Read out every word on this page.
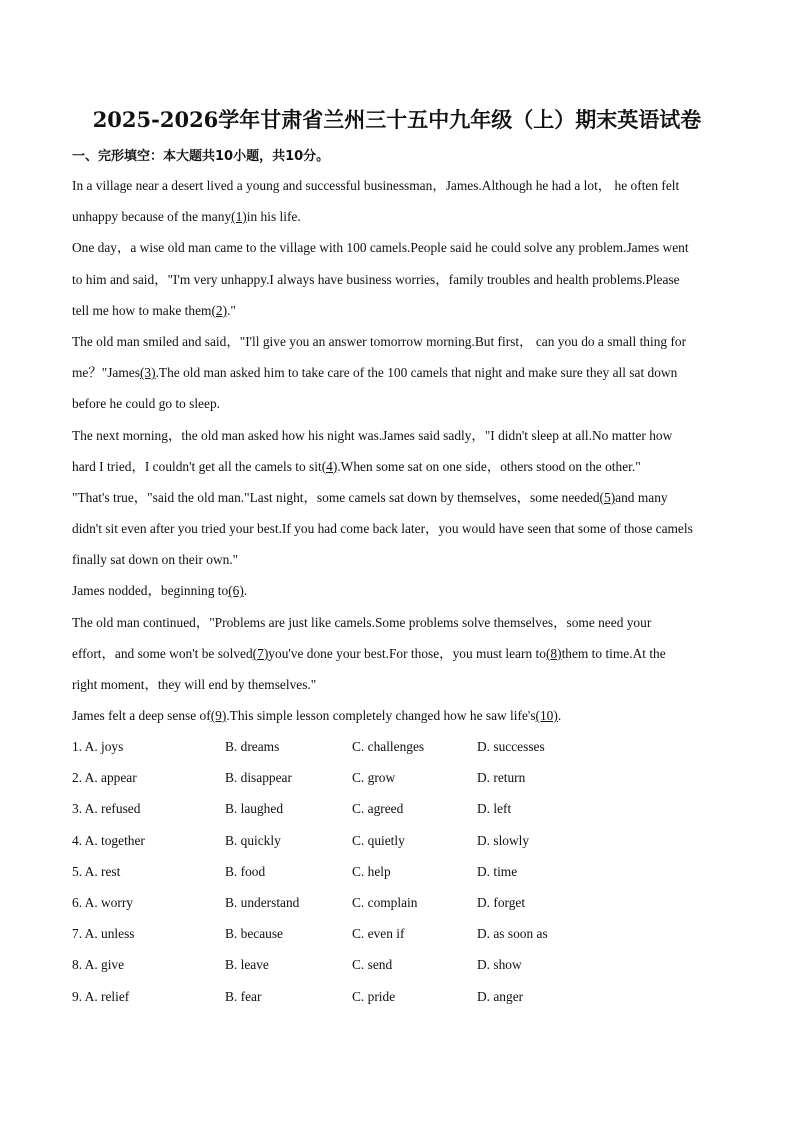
2025-2026学年甘肃省兰州三十五中九年级（上）期末英语试卷
一、完形填空：本大题共10小题，共10分。
In a village near a desert lived a young and successful businessman，James.Although he had a lot， he often felt
unhappy because of the many(1)in his life.
One day，a wise old man came to the village with 100 camels.People said he could solve any problem.James went
to him and said，"I'm very unhappy.I always have business worries，family troubles and health problems.Please
tell me how to make them(2)."
The old man smiled and said，"I'll give you an answer tomorrow morning.But first， can you do a small thing for
me？"James(3).The old man asked him to take care of the 100 camels that night and make sure they all sat down
before he could go to sleep.
The next morning，the old man asked how his night was.James said sadly，"I didn't sleep at all.No matter how
hard I tried，I couldn't get all the camels to sit(4).When some sat on one side，others stood on the other."
"That's true，"said the old man."Last night，some camels sat down by themselves，some needed(5)and many
didn't sit even after you tried your best.If you had come back later，you would have seen that some of those camels
finally sat down on their own."
James nodded，beginning to(6).
The old man continued，"Problems are just like camels.Some problems solve themselves，some need your
effort，and some won't be solved(7)you've done your best.For those，you must learn to(8)them to time.At the
right moment，they will end by themselves."
James felt a deep sense of(9).This simple lesson completely changed how he saw life's(10).
1. A. joys	B. dreams	C. challenges	D. successes
2. A. appear	B. disappear	C. grow	D. return
3. A. refused	B. laughed	C. agreed	D. left
4. A. together	B. quickly	C. quietly	D. slowly
5. A. rest	B. food	C. help	D. time
6. A. worry	B. understand	C. complain	D. forget
7. A. unless	B. because	C. even if	D. as soon as
8. A. give	B. leave	C. send	D. show
9. A. relief	B. fear	C. pride	D. anger
